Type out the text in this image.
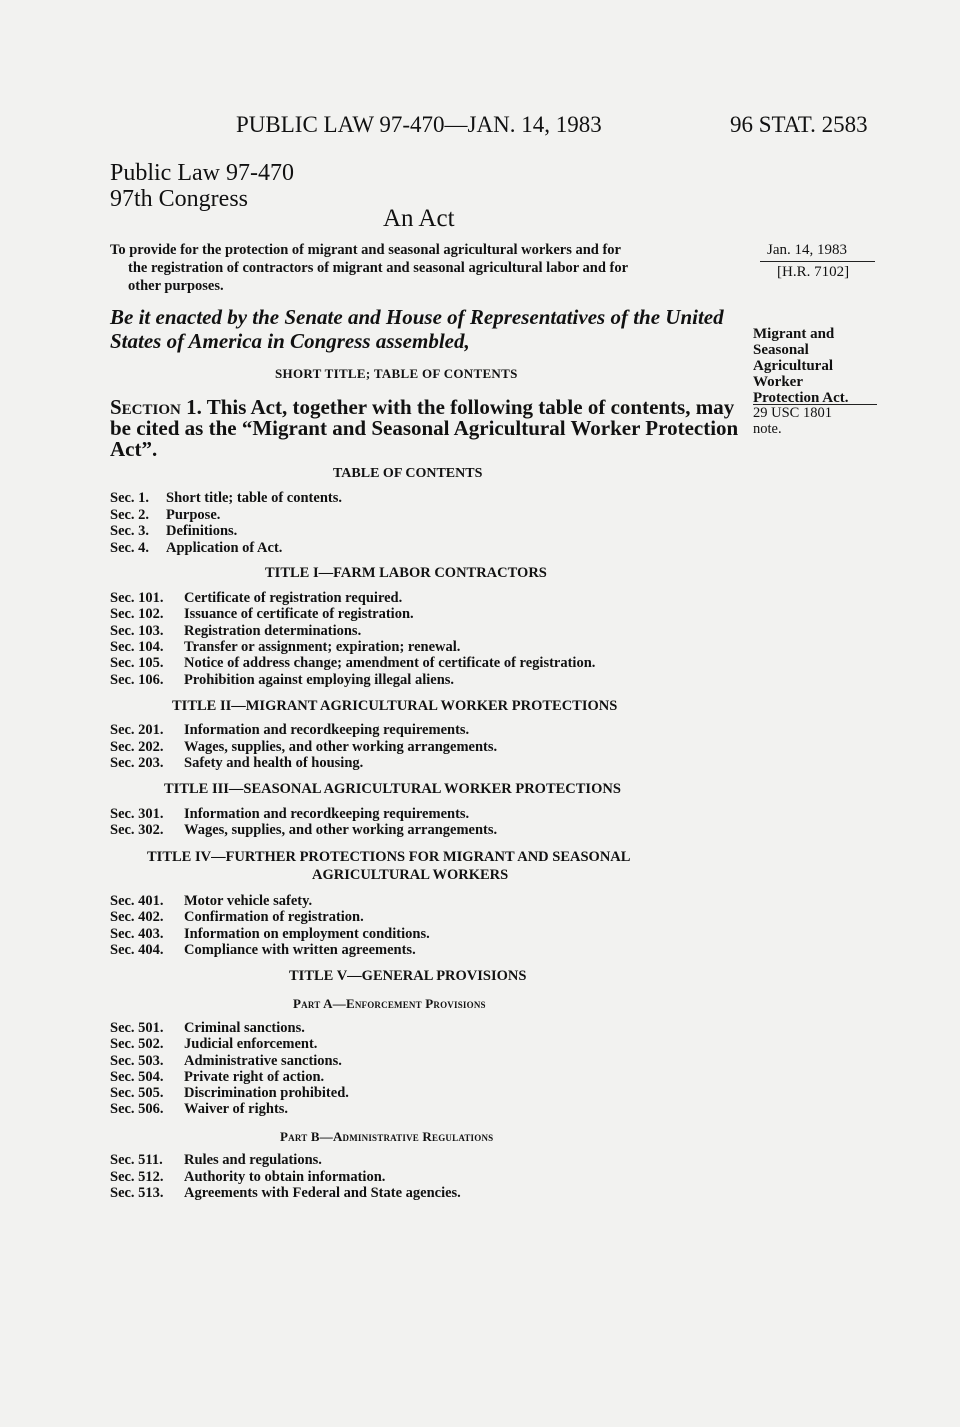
PUBLIC LAW 97-470—JAN. 14, 1983	96 STAT. 2583
Public Law 97-470
97th Congress
An Act
To provide for the protection of migrant and seasonal agricultural workers and for
the registration of contractors of migrant and seasonal agricultural labor and for
other purposes.
Jan. 14, 1983
[H.R. 7102]
Be it enacted by the Senate and House of Representatives of the United States of America in Congress assembled,	Migrant and
Seasonal
Agricultural
Worker
Protection Act.
29 USC 1801
note.
SHORT TITLE; TABLE OF CONTENTS
Section 1. This Act, together with the following table of contents, may be cited as the “Migrant and Seasonal Agricultural Worker Protection Act”.
TABLE OF CONTENTS
Sec. 1. Short title; table of contents.
Sec. 2. Purpose.
Sec. 3. Definitions.
Sec. 4. Application of Act.
TITLE I—FARM LABOR CONTRACTORS
Sec. 101. Certificate of registration required.
Sec. 102. Issuance of certificate of registration.
Sec. 103. Registration determinations.
Sec. 104. Transfer or assignment; expiration; renewal.
Sec. 105. Notice of address change; amendment of certificate of registration.
Sec. 106. Prohibition against employing illegal aliens.
TITLE II—MIGRANT AGRICULTURAL WORKER PROTECTIONS
Sec. 201. Information and recordkeeping requirements.
Sec. 202. Wages, supplies, and other working arrangements.
Sec. 203. Safety and health of housing.
TITLE III—SEASONAL AGRICULTURAL WORKER PROTECTIONS
Sec. 301. Information and recordkeeping requirements.
Sec. 302. Wages, supplies, and other working arrangements.
TITLE IV—FURTHER PROTECTIONS FOR MIGRANT AND SEASONAL
AGRICULTURAL WORKERS
Sec. 401. Motor vehicle safety.
Sec. 402. Confirmation of registration.
Sec. 403. Information on employment conditions.
Sec. 404. Compliance with written agreements.
TITLE V—GENERAL PROVISIONS
Part A—Enforcement Provisions
Sec. 501. Criminal sanctions.
Sec. 502. Judicial enforcement.
Sec. 503. Administrative sanctions.
Sec. 504. Private right of action.
Sec. 505. Discrimination prohibited.
Sec. 506. Waiver of rights.
Part B—Administrative Regulations
Sec. 511. Rules and regulations.
Sec. 512. Authority to obtain information.
Sec. 513. Agreements with Federal and State agencies.
